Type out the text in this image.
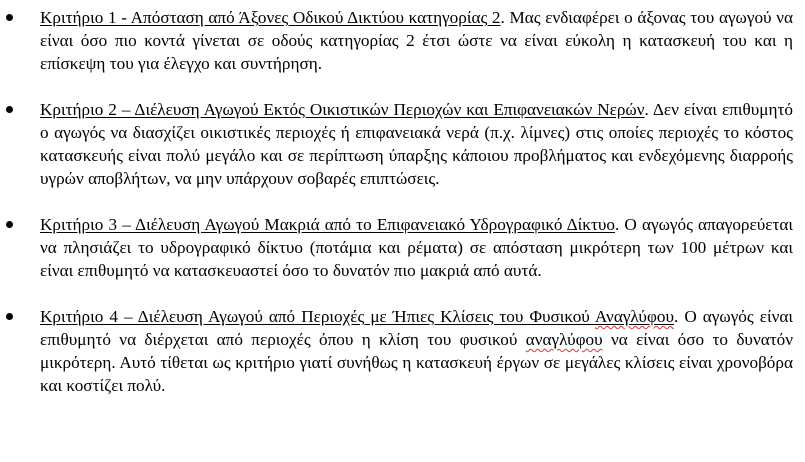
Κριτήριο 1 - Απόσταση από Άξονες Οδικού Δικτύου κατηγορίας 2. Μας ενδιαφέρει ο άξονας του αγωγού να είναι όσο πιο κοντά γίνεται σε οδούς κατηγορίας 2 έτσι ώστε να είναι εύκολη η κατασκευή του και η επίσκεψη του για έλεγχο και συντήρηση.
Κριτήριο 2 – Διέλευση Αγωγού Εκτός Οικιστικών Περιοχών και Επιφανειακών Νερών. Δεν είναι επιθυμητό ο αγωγός να διασχίζει οικιστικές περιοχές ή επιφανειακά νερά (π.χ. λίμνες) στις οποίες περιοχές το κόστος κατασκευής είναι πολύ μεγάλο και σε περίπτωση ύπαρξης κάποιου προβλήματος και ενδεχόμενης διαρροής υγρών αποβλήτων, να μην υπάρχουν σοβαρές επιπτώσεις.
Κριτήριο 3 – Διέλευση Αγωγού Μακριά από το Επιφανειακό Υδρογραφικό Δίκτυο. Ο αγωγός απαγορεύεται να πλησιάζει το υδρογραφικό δίκτυο (ποτάμια και ρέματα) σε απόσταση μικρότερη των 100 μέτρων και είναι επιθυμητό να κατασκευαστεί όσο το δυνατόν πιο μακριά από αυτά.
Κριτήριο 4 – Διέλευση Αγωγού από Περιοχές με Ήπιες Κλίσεις του Φυσικού Αναγλύφου. Ο αγωγός είναι επιθυμητό να διέρχεται από περιοχές όπου η κλίση του φυσικού αναγλύφου να είναι όσο το δυνατόν μικρότερη. Αυτό τίθεται ως κριτήριο γιατί συνήθως η κατασκευή έργων σε μεγάλες κλίσεις είναι χρονοβόρα και κοστίζει πολύ.
